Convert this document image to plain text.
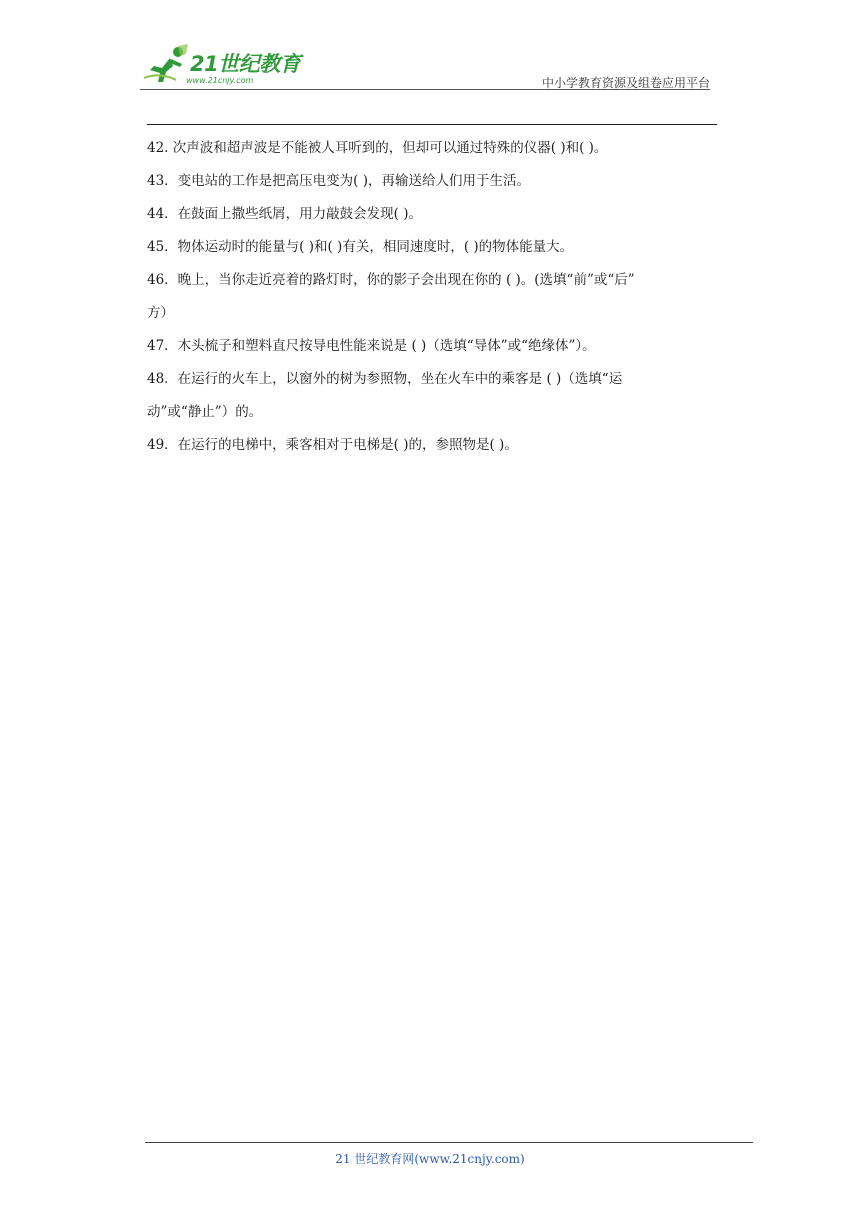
21世纪教育
www.21cnjy.com	中小学教育资源及组卷应用平台
42. 次声波和超声波是不能被人耳听到的，但却可以通过特殊的仪器( )和( )。
43．变电站的工作是把高压电变为( )，再输送给人们用于生活。
44．在鼓面上撒些纸屑，用力敲鼓会发现( )。
45．物体运动时的能量与( )和( )有关，相同速度时，( )的物体能量大。
46．晚上，当你走近亮着的路灯时，你的影子会出现在你的 ( )。(选填“前”或“后”
方）
47．木头梳子和塑料直尺按导电性能来说是 ( )（选填“导体”或“绝缘体”）。
48．在运行的火车上，以窗外的树为参照物，坐在火车中的乘客是 ( )（选填“运
动”或“静止”）的。
49．在运行的电梯中，乘客相对于电梯是( )的，参照物是( )。
21 世纪教育网(www.21cnjy.com)
